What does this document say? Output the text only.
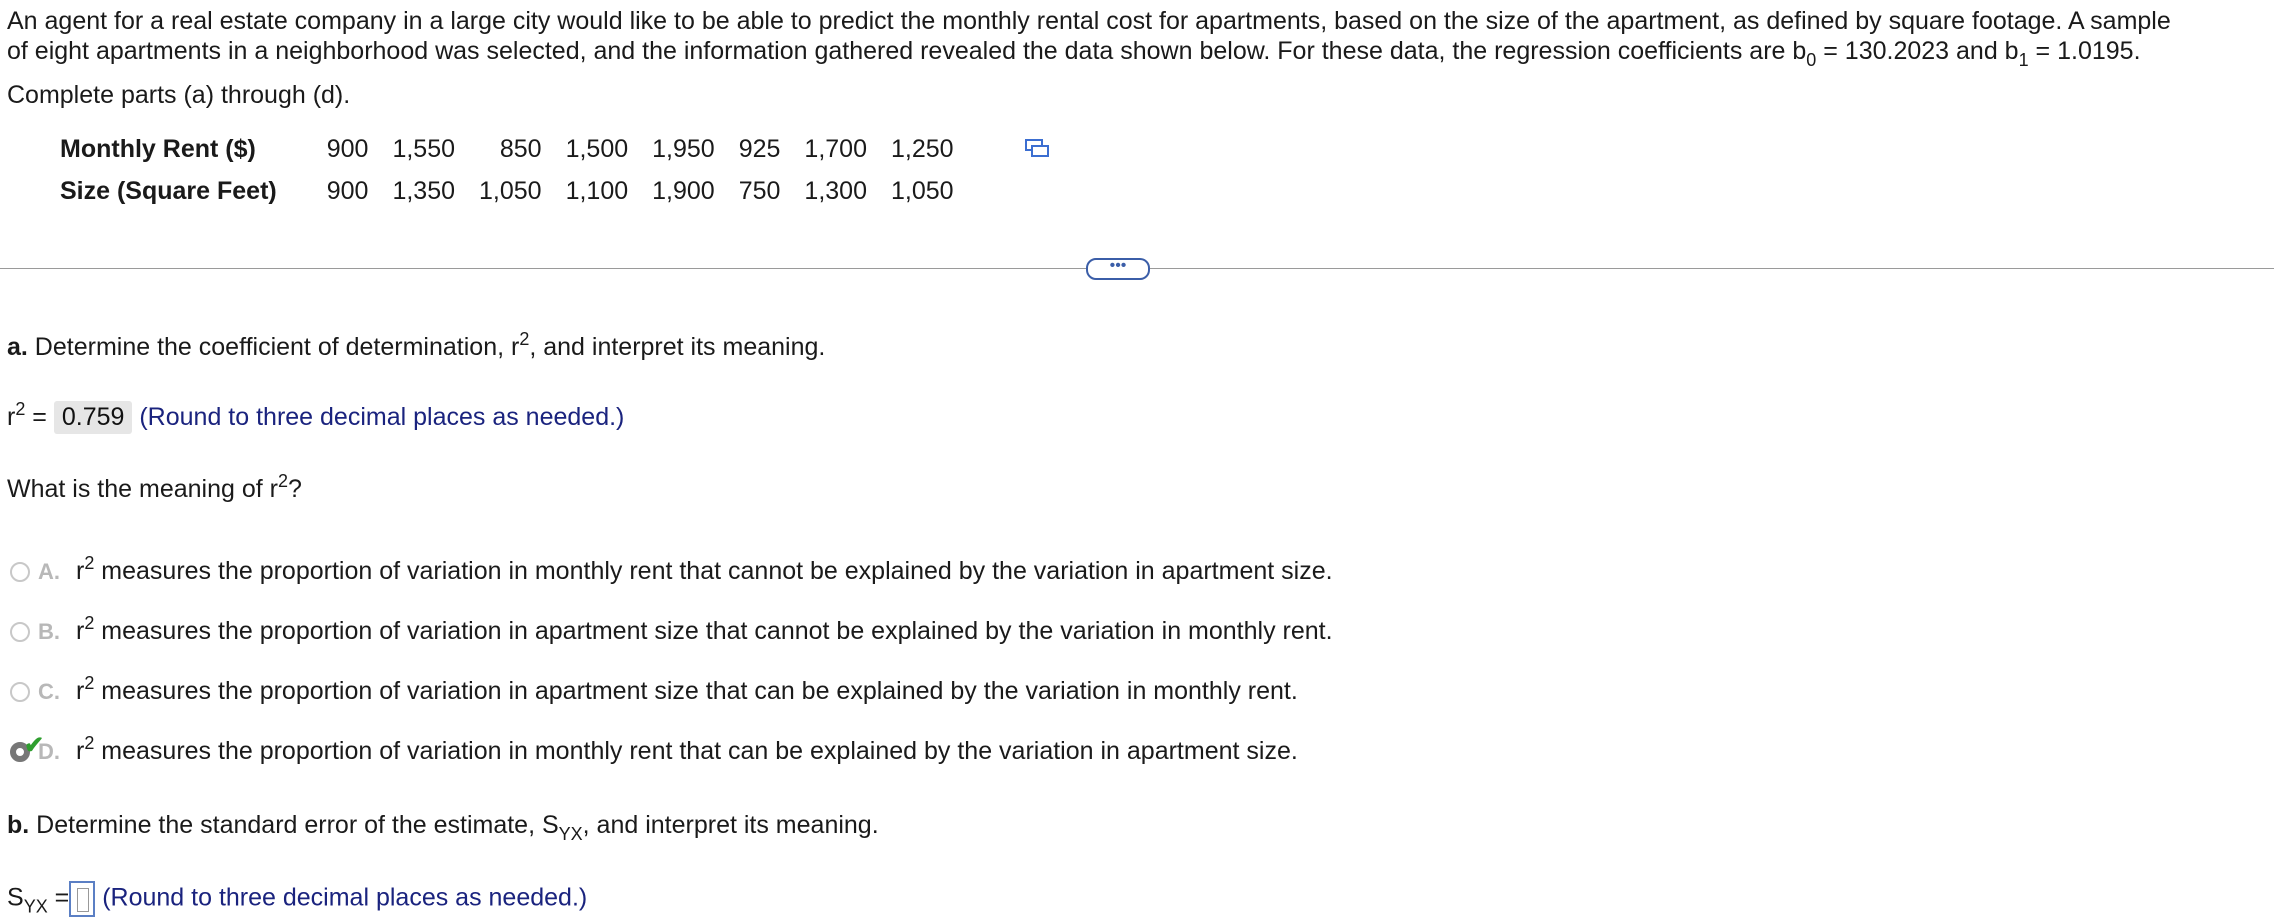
An agent for a real estate company in a large city would like to be able to predict the monthly rental cost for apartments, based on the size of the apartment, as defined by square footage. A sample
of eight apartments in a neighborhood was selected, and the information gathered revealed the data shown below. For these data, the regression coefficients are $b_0 = 130.2023$ and $b_1 = 1.0195$.
Complete parts (a) through (d).
Monthly Rent ($)	900	1,550	850	1,500	1,950	925	1,700	1,250
Size (Square Feet)	900	1,350	1,050	1,100	1,900	750	1,300	1,050
•••
a. Determine the coefficient of determination, $r^2$, and interpret its meaning.
$r^2 = 0.759$ (Round to three decimal places as needed.)
What is the meaning of $r^2$?
A. $r^2$ measures the proportion of variation in monthly rent that cannot be explained by the variation in apartment size.
B. $r^2$ measures the proportion of variation in apartment size that cannot be explained by the variation in monthly rent.
C. $r^2$ measures the proportion of variation in apartment size that can be explained by the variation in monthly rent.
✔
D. $r^2$ measures the proportion of variation in monthly rent that can be explained by the variation in apartment size.
b. Determine the standard error of the estimate, $S_{YX}$, and interpret its meaning.
$S_{YX}$ = (Round to three decimal places as needed.)
